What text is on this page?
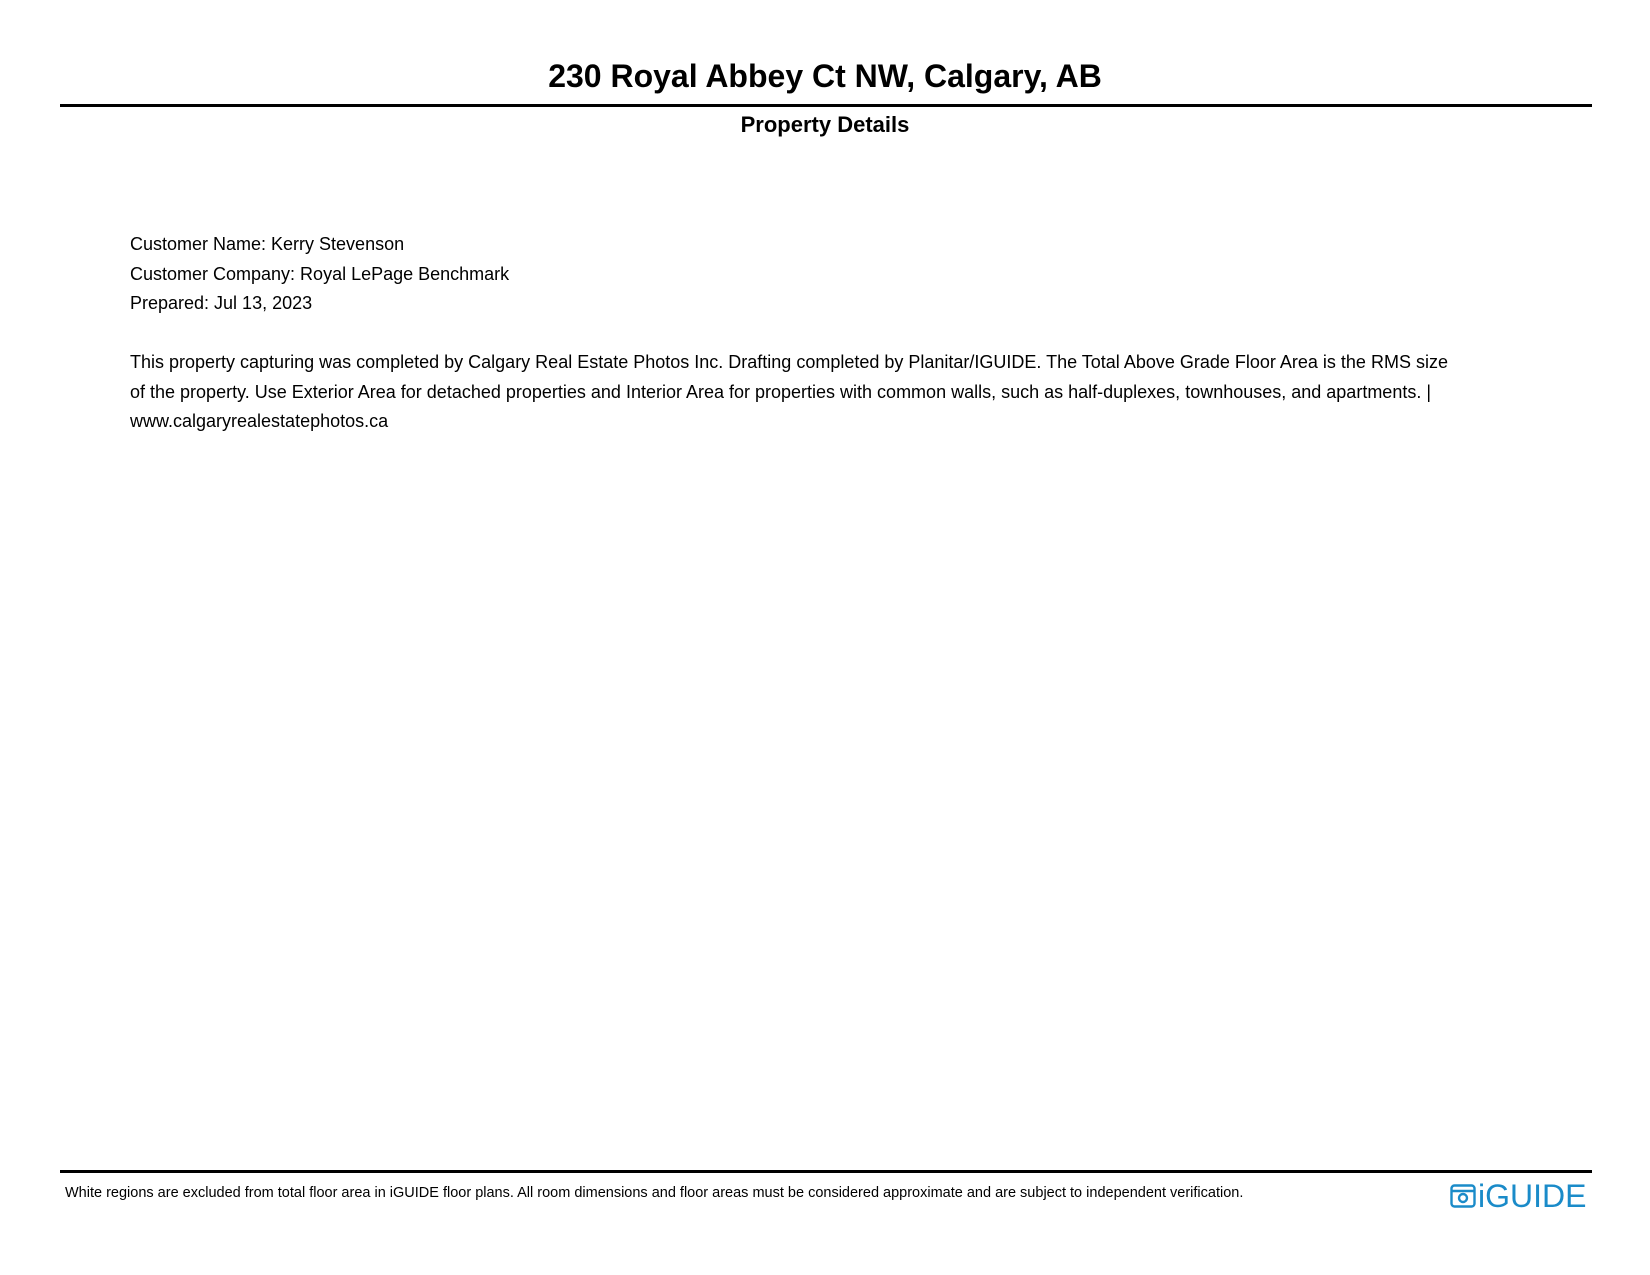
230 Royal Abbey Ct NW, Calgary, AB
Property Details
Customer Name: Kerry Stevenson
Customer Company: Royal LePage Benchmark
Prepared: Jul 13, 2023

This property capturing was completed by Calgary Real Estate Photos Inc. Drafting completed by Planitar/IGUIDE. The Total Above Grade Floor Area is the RMS size of the property. Use Exterior Area for detached properties and Interior Area for properties with common walls, such as half-duplexes, townhouses, and apartments. | www.calgaryrealestatephotos.ca

White regions are excluded from total floor area in iGUIDE floor plans. All room dimensions and floor areas must be considered approximate and are subject to independent verification.	iGUIDE
